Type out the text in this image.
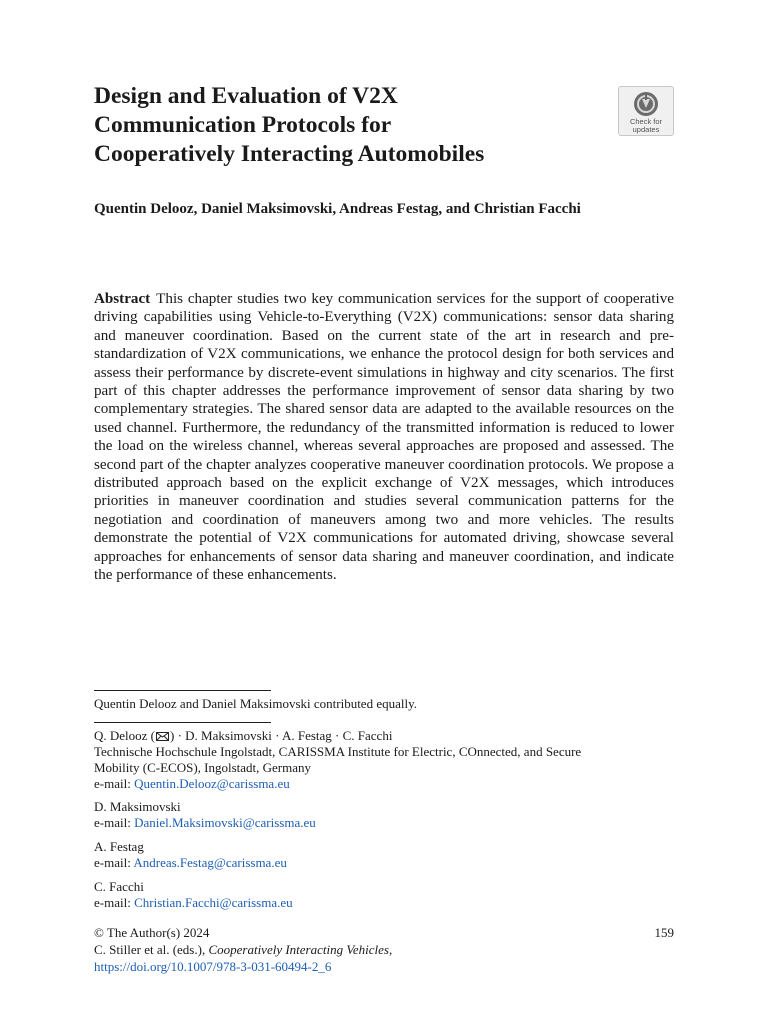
Design and Evaluation of V2X
Communication Protocols for
Cooperatively Interacting Automobiles
Check for
updates

Quentin Delooz, Daniel Maksimovski, Andreas Festag, and Christian Facchi

Abstract This chapter studies two key communication services for the support of cooperative driving capabilities using Vehicle-to-Everything (V2X) communications: sensor data sharing and maneuver coordination. Based on the current state of the art in research and pre-standardization of V2X communications, we enhance the protocol design for both services and assess their performance by discrete-event simulations in highway and city scenarios. The first part of this chapter addresses the performance improvement of sensor data sharing by two complementary strategies. The shared sensor data are adapted to the available resources on the used channel. Furthermore, the redundancy of the transmitted information is reduced to lower the load on the wireless channel, whereas several approaches are proposed and assessed. The second part of the chapter analyzes cooperative maneuver coordination protocols. We propose a distributed approach based on the explicit exchange of V2X messages, which introduces priorities in maneuver coordination and studies several communication patterns for the negotiation and coordination of maneuvers among two and more vehicles. The results demonstrate the potential of V2X communications for automated driving, showcase several approaches for enhancements of sensor data sharing and maneuver coordination, and indicate the performance of these enhancements.

Quentin Delooz and Daniel Maksimovski contributed equally.

Q. Delooz ( ) · D. Maksimovski · A. Festag · C. Facchi
Technische Hochschule Ingolstadt, CARISSMA Institute for Electric, COnnected, and Secure
Mobility (C-ECOS), Ingolstadt, Germany
e-mail: Quentin.Delooz@carissma.eu
D. Maksimovski
e-mail: Daniel.Maksimovski@carissma.eu
A. Festag
e-mail: Andreas.Festag@carissma.eu
C. Facchi
e-mail: Christian.Facchi@carissma.eu
© The Author(s) 2024	159
C. Stiller et al. (eds.), Cooperatively Interacting Vehicles,
https://doi.org/10.1007/978-3-031-60494-2_6
